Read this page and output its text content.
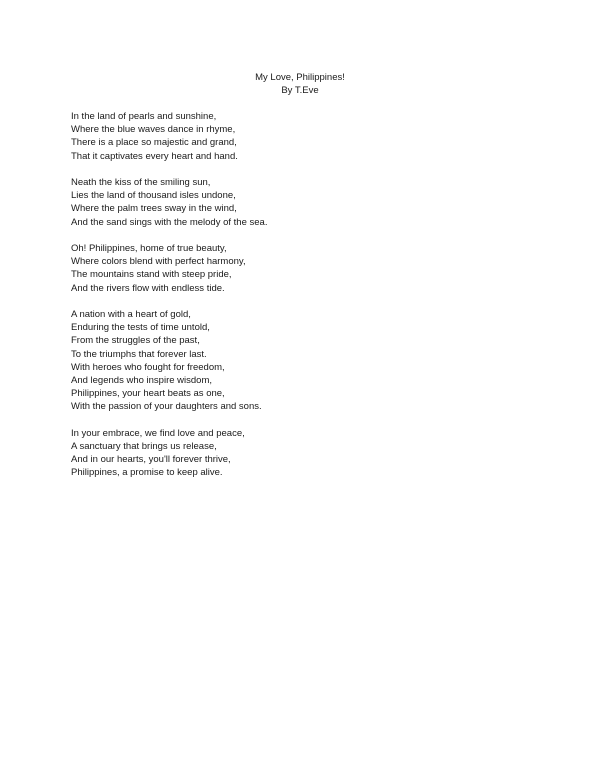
My Love, Philippines!
By T.Eve
In the land of pearls and sunshine,
Where the blue waves dance in rhyme,
There is a place so majestic and grand,
That it captivates every heart and hand.
Neath the kiss of the smiling sun,
Lies the land of thousand isles undone,
Where the palm trees sway in the wind,
And the sand sings with the melody of the sea.
Oh! Philippines, home of true beauty,
Where colors blend with perfect harmony,
The mountains stand with steep pride,
And the rivers flow with endless tide.
A nation with a heart of gold,
Enduring the tests of time untold,
From the struggles of the past,
To the triumphs that forever last.
With heroes who fought for freedom,
And legends who inspire wisdom,
Philippines, your heart beats as one,
With the passion of your daughters and sons.
In your embrace, we find love and peace,
A sanctuary that brings us release,
And in our hearts, you'll forever thrive,
Philippines, a promise to keep alive.
